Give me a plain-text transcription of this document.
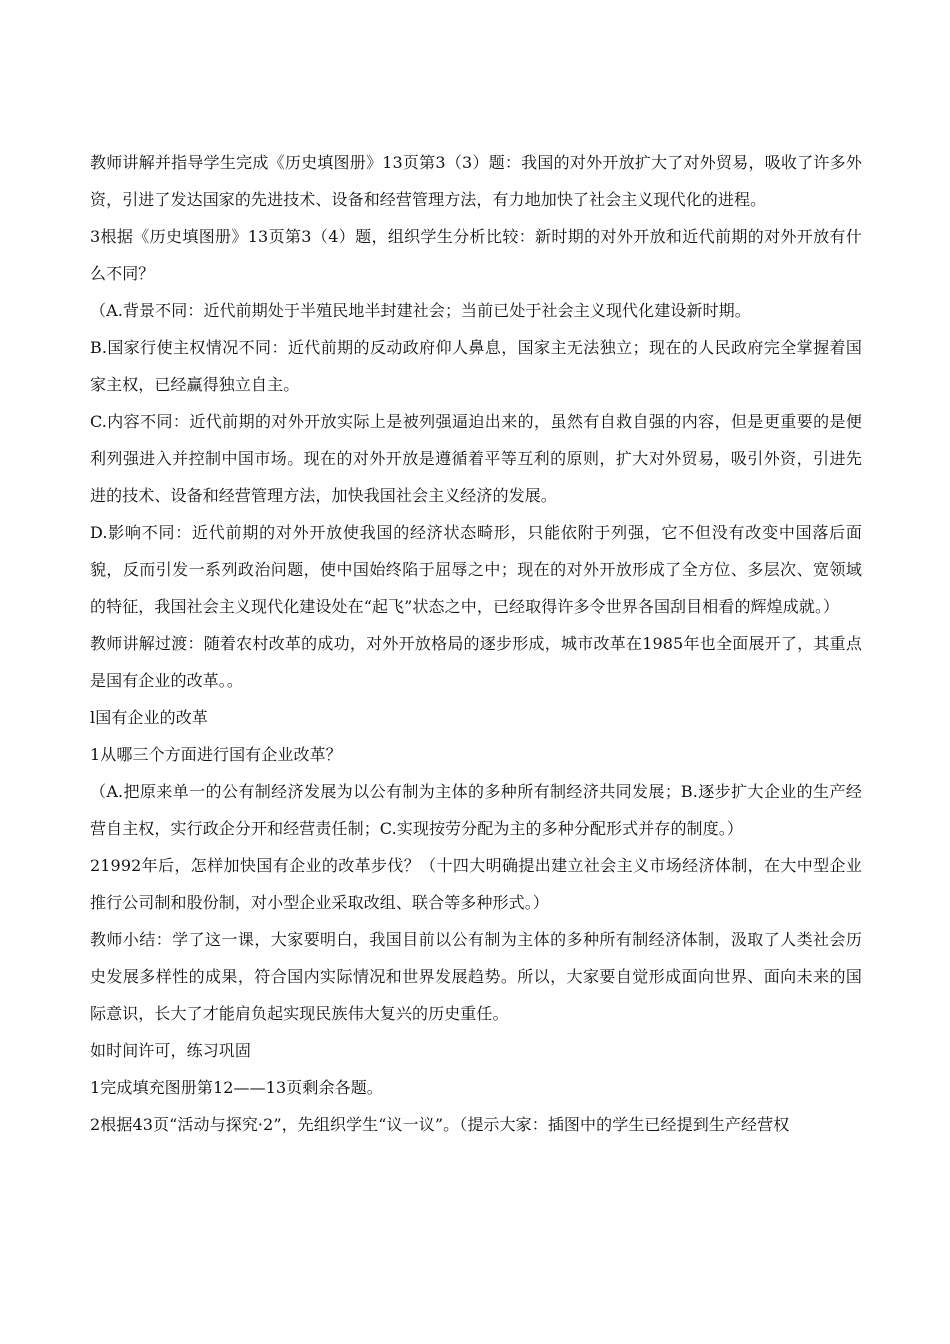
教师讲解并指导学生完成《历史填图册》13页第3（3）题：我国的对外开放扩大了对外贸易，吸收了许多外资，引进了发达国家的先进技术、设备和经营管理方法，有力地加快了社会主义现代化的进程。

3根据《历史填图册》13页第3（4）题，组织学生分析比较：新时期的对外开放和近代前期的对外开放有什么不同？

（A.背景不同：近代前期处于半殖民地半封建社会；当前已处于社会主义现代化建设新时期。

B.国家行使主权情况不同：近代前期的反动政府仰人鼻息，国家主无法独立；现在的人民政府完全掌握着国家主权，已经赢得独立自主。

C.内容不同：近代前期的对外开放实际上是被列强逼迫出来的，虽然有自救自强的内容，但是更重要的是便利列强进入并控制中国市场。现在的对外开放是遵循着平等互利的原则，扩大对外贸易，吸引外资，引进先进的技术、设备和经营管理方法，加快我国社会主义经济的发展。

D.影响不同：近代前期的对外开放使我国的经济状态畸形，只能依附于列强，它不但没有改变中国落后面貌，反而引发一系列政治问题，使中国始终陷于屈辱之中；现在的对外开放形成了全方位、多层次、宽领域的特征，我国社会主义现代化建设处在“起飞”状态之中，已经取得许多令世界各国刮目相看的辉煌成就。）

教师讲解过渡：随着农村改革的成功，对外开放格局的逐步形成，城市改革在1985年也全面展开了，其重点是国有企业的改革。。

l国有企业的改革

1从哪三个方面进行国有企业改革？

（A.把原来单一的公有制经济发展为以公有制为主体的多种所有制经济共同发展；B.逐步扩大企业的生产经营自主权，实行政企分开和经营责任制；C.实现按劳分配为主的多种分配形式并存的制度。）

21992年后，怎样加快国有企业的改革步伐？（十四大明确提出建立社会主义市场经济体制，在大中型企业推行公司制和股份制，对小型企业采取改组、联合等多种形式。）

教师小结：学了这一课，大家要明白，我国目前以公有制为主体的多种所有制经济体制，汲取了人类社会历史发展多样性的成果，符合国内实际情况和世界发展趋势。所以，大家要自觉形成面向世界、面向未来的国际意识，长大了才能肩负起实现民族伟大复兴的历史重任。

如时间许可，练习巩固

1完成填充图册第12——13页剩余各题。

2根据43页“活动与探究·2”，先组织学生“议一议”。（提示大家：插图中的学生已经提到生产经营权
